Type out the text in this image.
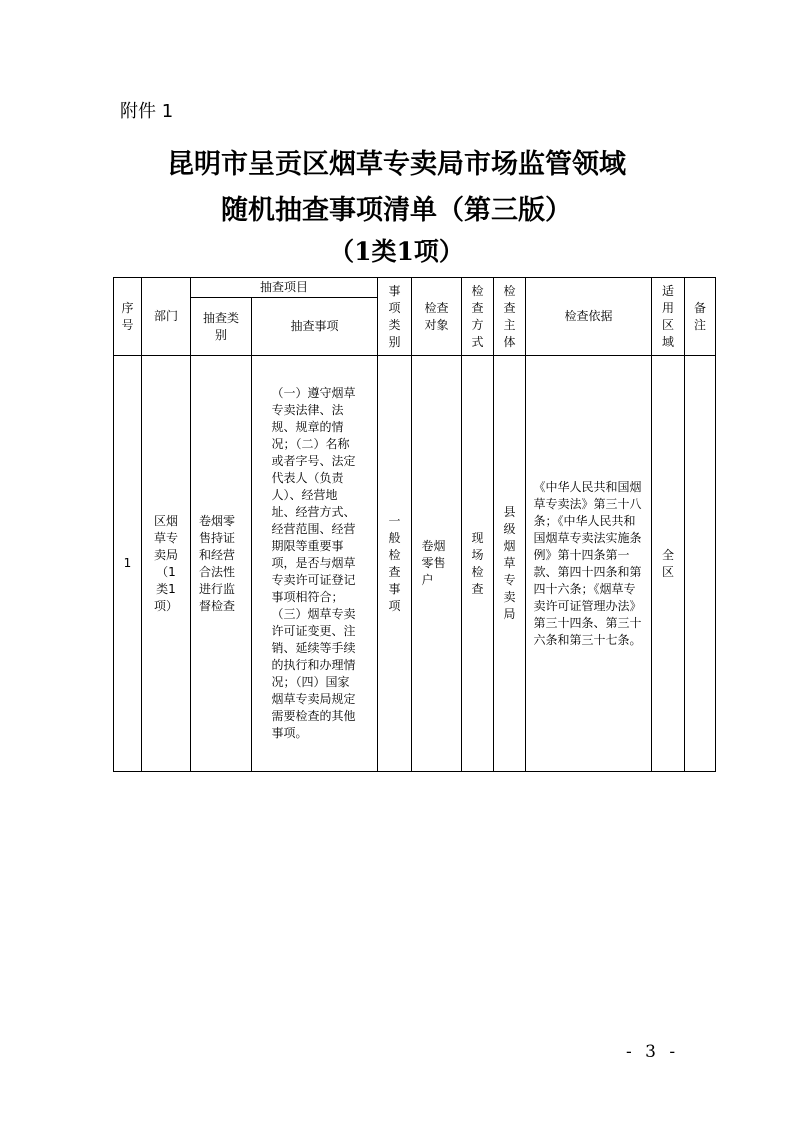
附件 1
昆明市呈贡区烟草专卖局市场监管领域
随机抽查事项清单（第三版）
（1类1项）
序号	部门	抽查项目		事项类别	检查对象	检查方式	检查主体	检查依据	适用区域	备注

		抽查类别	抽查事项							
1	区烟草专卖局（1类1项）	卷烟零售持证和经营合法性进行监督检查	（一）遵守烟草专卖法律、法规、规章的情况；（二）名称或者字号、法定代表人（负责人）、经营地址、经营方式、经营范围、经营期限等重要事项，是否与烟草专卖许可证登记事项相符合；（三）烟草专卖许可证变更、注销、延续等手续的执行和办理情况；（四）国家烟草专卖局规定需要检查的其他事项。	一般检查事项	卷烟零售户	现场检查	县级烟草专卖局	《中华人民共和国烟草专卖法》第三十八条；《中华人民共和国烟草专卖法实施条例》第十四条第一款、第四十四条和第四十六条；《烟草专卖许可证管理办法》第三十四条、第三十六条和第三十七条。	全区	

- 3 -
